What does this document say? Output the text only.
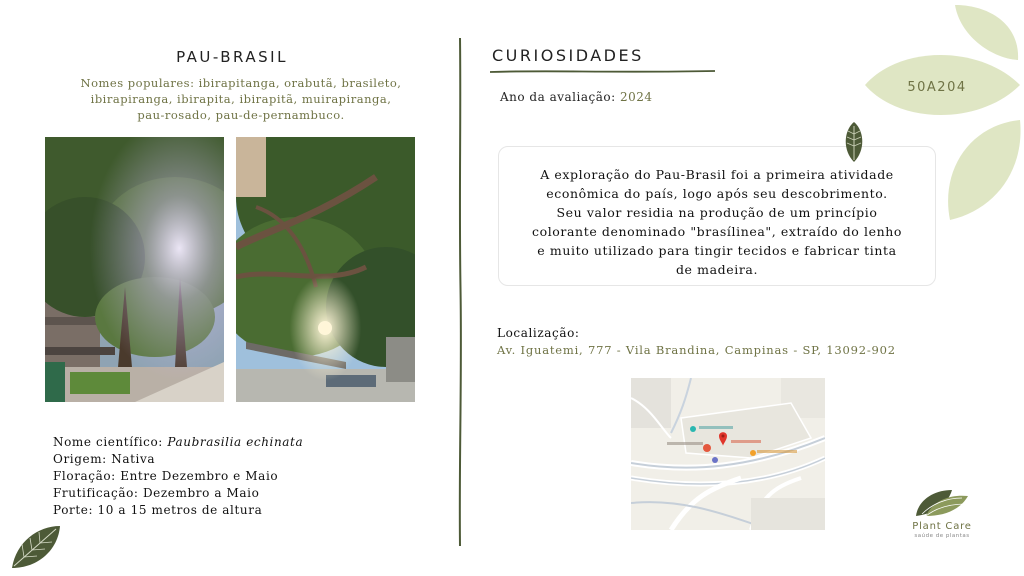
PAU-BRASIL
Nomes populares: ibirapitanga, orabutã, brasileto,
ibirapiranga, ibirapita, ibirapitã, muirapiranga,
pau-rosado, pau-de-pernambuco.
Nome científico: Paubrasilia echinata
Origem: Nativa
Floração: Entre Dezembro e Maio
Frutificação: Dezembro a Maio
Porte: 10 a 15 metros de altura
CURIOSIDADES
Ano da avaliação: 2024
A exploração do Pau-Brasil foi a primeira atividade
econômica do país, logo após seu descobrimento.
Seu valor residia na produção de um princípio
colorante denominado "brasílinea", extraído do lenho
e muito utilizado para tingir tecidos e fabricar tinta
de madeira.
Localização:
Av. Iguatemi, 777 - Vila Brandina, Campinas - SP, 13092-902
50A204
Plant Care
saúde de plantas
